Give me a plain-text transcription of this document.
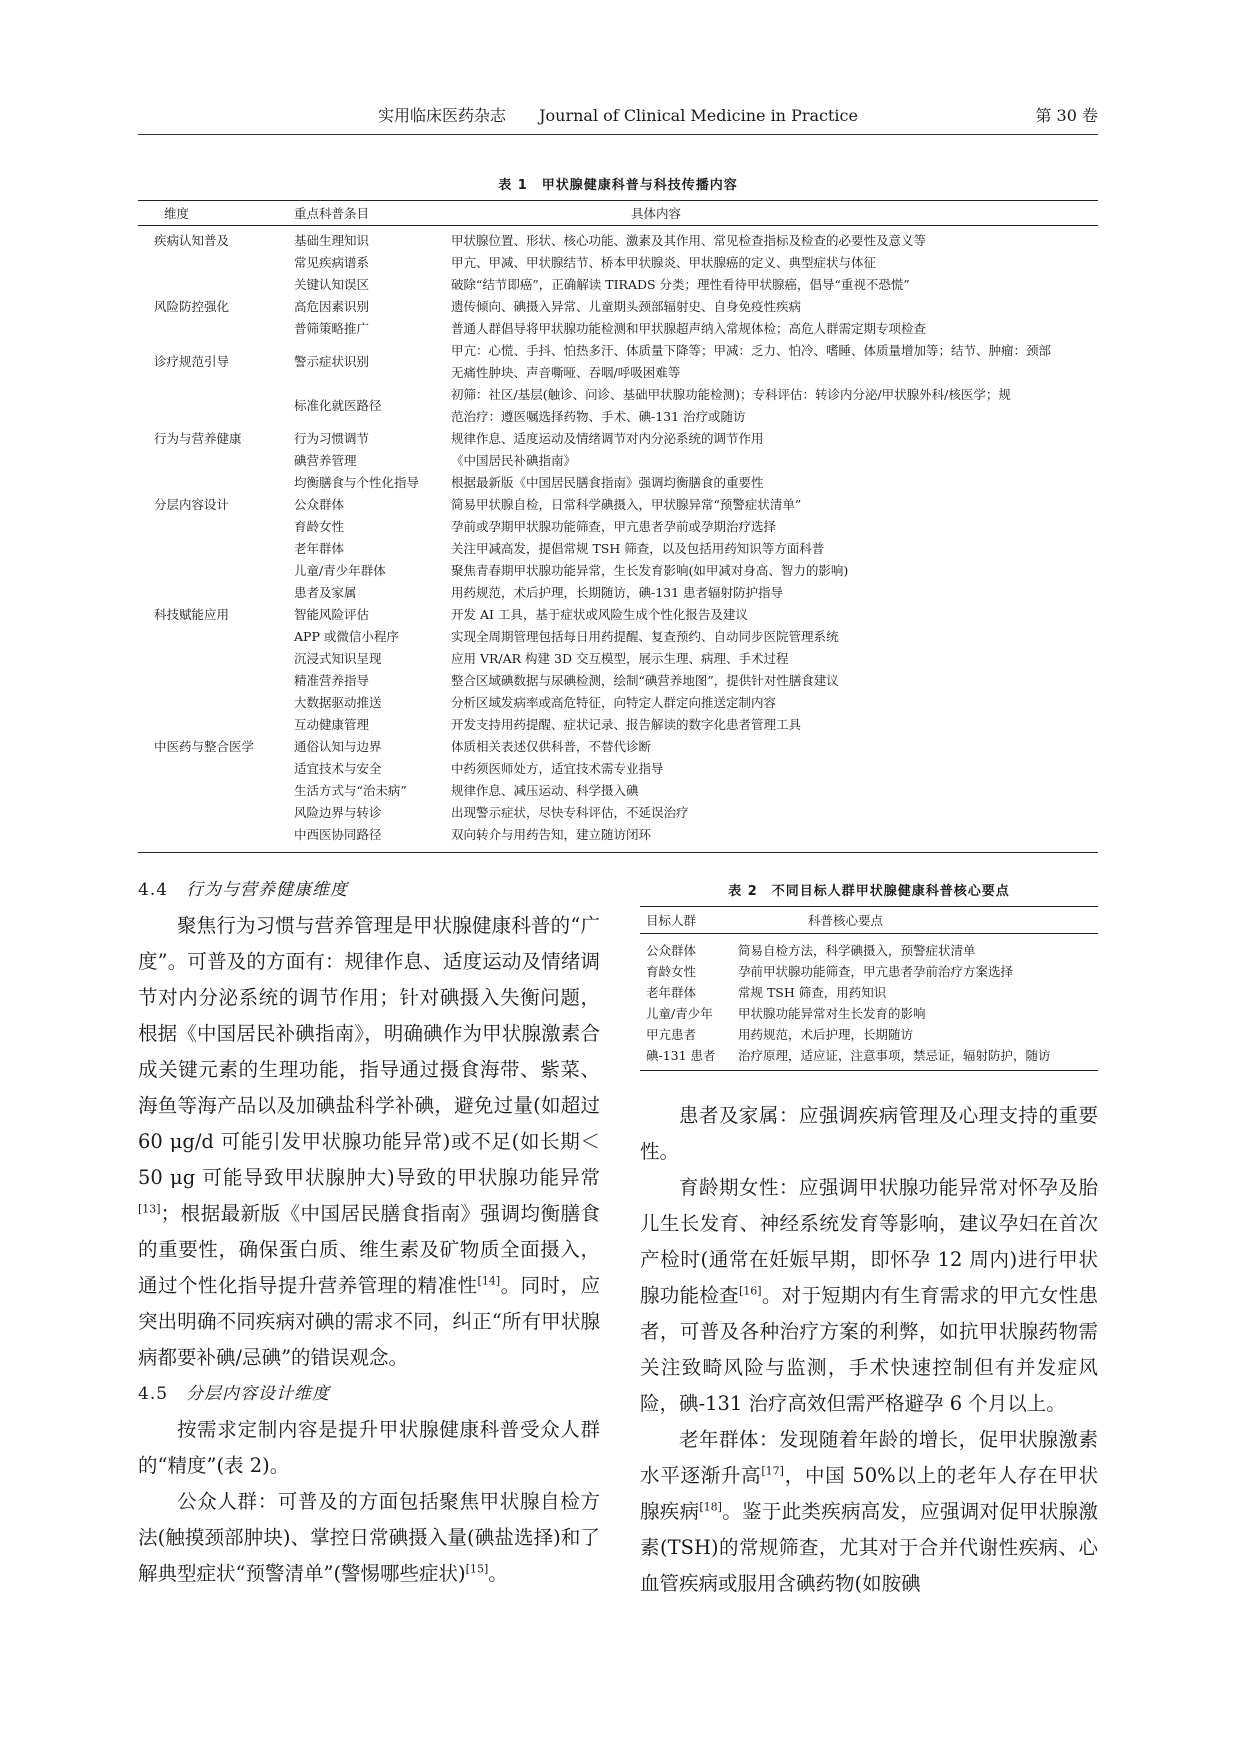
实用临床医药杂志 Journal of Clinical Medicine in Practice	第 30 卷
表 1　甲状腺健康科普与科技传播内容
维度	重点科普条目	具体内容
疾病认知普及	基础生理知识	甲状腺位置、形状、核心功能、激素及其作用、常见检查指标及检查的必要性及意义等

	常见疾病谱系	甲亢、甲减、甲状腺结节、桥本甲状腺炎、甲状腺癌的定义、典型症状与体征

	关键认知误区	破除“结节即癌”，正确解读 TIRADS 分类；理性看待甲状腺癌，倡导“重视不恐慌”

风险防控强化	高危因素识别	遗传倾向、碘摄入异常、儿童期头颈部辐射史、自身免疫性疾病

	普筛策略推广	普通人群倡导将甲状腺功能检测和甲状腺超声纳入常规体检；高危人群需定期专项检查

诊疗规范引导	警示症状识别	甲亢：心慌、手抖、怕热多汗、体质量下降等；甲减：乏力、怕冷、嗜睡、体质量增加等；结节、肿瘤：颈部
无痛性肿块、声音嘶哑、吞咽/呼吸困难等

	标准化就医路径	初筛：社区/基层(触诊、问诊、基础甲状腺功能检测)；专科评估：转诊内分泌/甲状腺外科/核医学；规
范治疗：遵医嘱选择药物、手术、碘-131 治疗或随访

行为与营养健康	行为习惯调节	规律作息、适度运动及情绪调节对内分泌系统的调节作用

	碘营养管理	《中国居民补碘指南》

	均衡膳食与个性化指导	根据最新版《中国居民膳食指南》强调均衡膳食的重要性

分层内容设计	公众群体	简易甲状腺自检，日常科学碘摄入，甲状腺异常“预警症状清单”

	育龄女性	孕前或孕期甲状腺功能筛查，甲亢患者孕前或孕期治疗选择

	老年群体	关注甲减高发，提倡常规 TSH 筛查，以及包括用药知识等方面科普

	儿童/青少年群体	聚焦青春期甲状腺功能异常，生长发育影响(如甲减对身高、智力的影响)

	患者及家属	用药规范，术后护理，长期随访，碘-131 患者辐射防护指导

科技赋能应用	智能风险评估	开发 AI 工具，基于症状或风险生成个性化报告及建议

	APP 或微信小程序	实现全周期管理包括每日用药提醒、复查预约、自动同步医院管理系统

	沉浸式知识呈现	应用 VR/AR 构建 3D 交互模型，展示生理、病理、手术过程

	精准营养指导	整合区域碘数据与尿碘检测，绘制“碘营养地图”，提供针对性膳食建议

	大数据驱动推送	分析区域发病率或高危特征，向特定人群定向推送定制内容

	互动健康管理	开发支持用药提醒、症状记录、报告解读的数字化患者管理工具

中医药与整合医学	通俗认知与边界	体质相关表述仅供科普，不替代诊断

	适宜技术与安全	中药须医师处方，适宜技术需专业指导

	生活方式与“治未病”	规律作息、减压运动、科学摄入碘

	风险边界与转诊	出现警示症状，尽快专科评估，不延误治疗

	中西医协同路径	双向转介与用药告知，建立随访闭环
4.4 行为与营养健康维度

聚焦行为习惯与营养管理是甲状腺健康科普的“广度”。可普及的方面有：规律作息、适度运动及情绪调节对内分泌系统的调节作用；针对碘摄入失衡问题，根据《中国居民补碘指南》，明确碘作为甲状腺激素合成关键元素的生理功能，指导通过摄食海带、紫菜、海鱼等海产品以及加碘盐科学补碘，避免过量(如超过 60 μg/d 可能引发甲状腺功能异常)或不足(如长期＜50 μg 可能导致甲状腺肿大)导致的甲状腺功能异常[13]；根据最新版《中国居民膳食指南》强调均衡膳食的重要性，确保蛋白质、维生素及矿物质全面摄入，通过个性化指导提升营养管理的精准性[14]。同时，应突出明确不同疾病对碘的需求不同，纠正“所有甲状腺病都要补碘/忌碘”的错误观念。

4.5 分层内容设计维度

按需求定制内容是提升甲状腺健康科普受众人群的“精度”(表 2)。

公众人群：可普及的方面包括聚焦甲状腺自检方法(触摸颈部肿块)、掌控日常碘摄入量(碘盐选择)和了解典型症状“预警清单”(警惕哪些症状)[15]。

表 2　不同目标人群甲状腺健康科普核心要点
目标人群	科普核心要点
公众群体	简易自检方法，科学碘摄入，预警症状清单
育龄女性	孕前甲状腺功能筛查，甲亢患者孕前治疗方案选择
老年群体	常规 TSH 筛查，用药知识
儿童/青少年	甲状腺功能异常对生长发育的影响
甲亢患者	用药规范，术后护理，长期随访
碘-131 患者	治疗原理，适应证，注意事项，禁忌证，辐射防护，随访

患者及家属：应强调疾病管理及心理支持的重要性。

育龄期女性：应强调甲状腺功能异常对怀孕及胎儿生长发育、神经系统发育等影响，建议孕妇在首次产检时(通常在妊娠早期，即怀孕 12 周内)进行甲状腺功能检查[16]。对于短期内有生育需求的甲亢女性患者，可普及各种治疗方案的利弊，如抗甲状腺药物需关注致畸风险与监测，手术快速控制但有并发症风险，碘-131 治疗高效但需严格避孕 6 个月以上。

老年群体：发现随着年龄的增长，促甲状腺激素水平逐渐升高[17]，中国 50%以上的老年人存在甲状腺疾病[18]。鉴于此类疾病高发，应强调对促甲状腺激素(TSH)的常规筛查，尤其对于合并代谢性疾病、心血管疾病或服用含碘药物(如胺碘
